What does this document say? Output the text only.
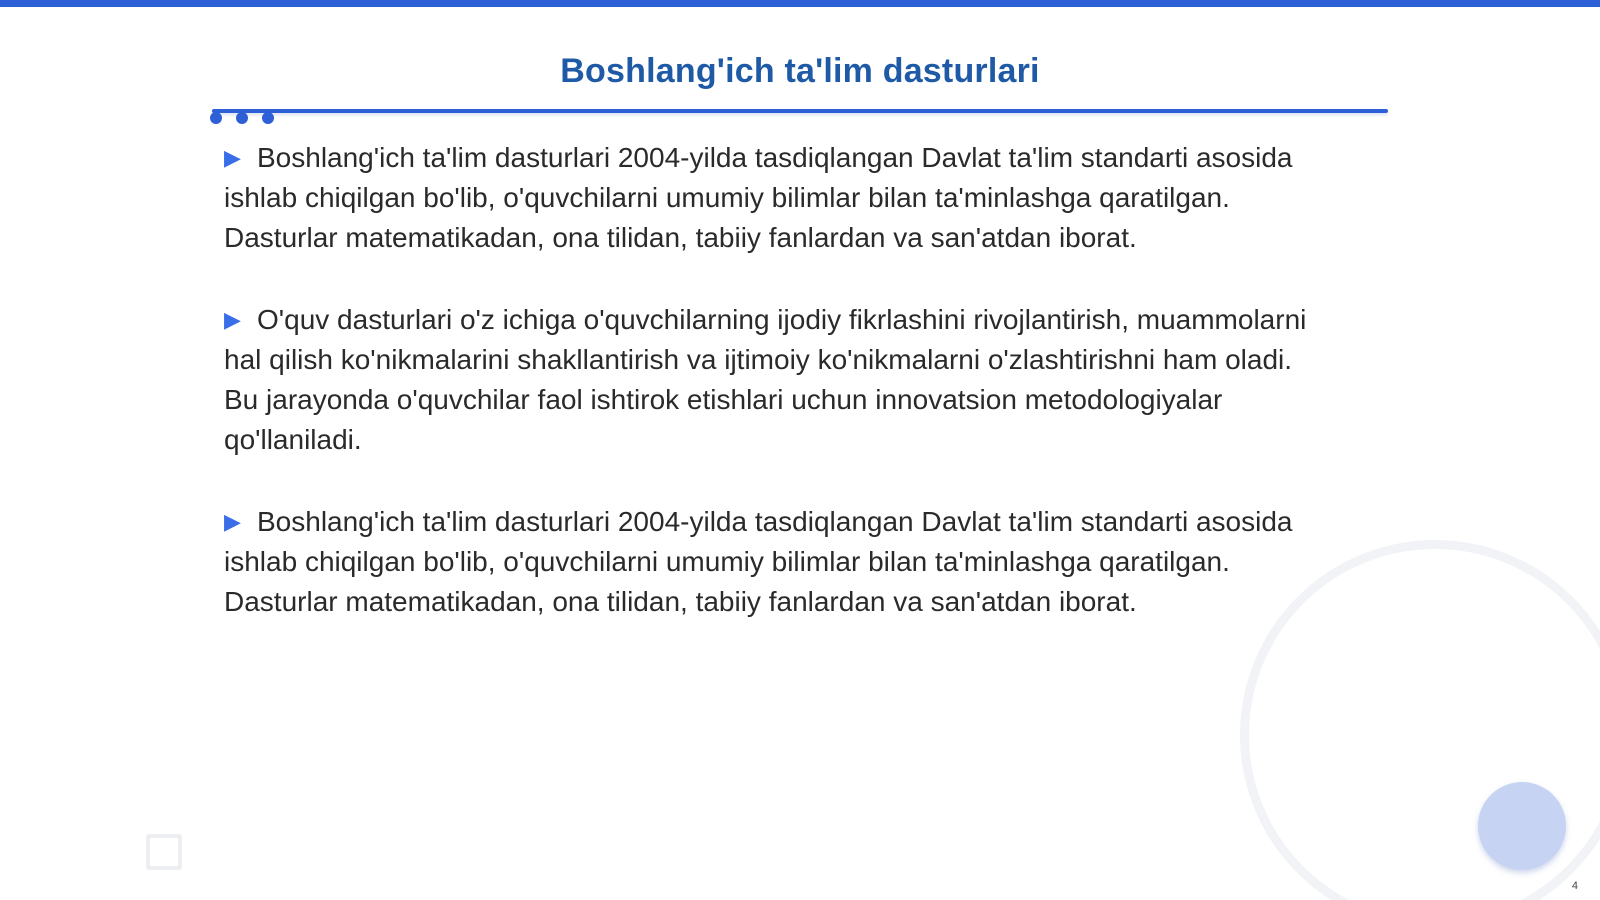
Boshlang'ich ta'lim dasturlari

▶ Boshlang'ich ta'lim dasturlari 2004-yilda tasdiqlangan Davlat ta'lim standarti asosida ishlab chiqilgan bo'lib, o'quvchilarni umumiy bilimlar bilan ta'minlashga qaratilgan. Dasturlar matematikadan, ona tilidan, tabiiy fanlardan va san'atdan iborat.

▶ O'quv dasturlari o'z ichiga o'quvchilarning ijodiy fikrlashini rivojlantirish, muammolarni hal qilish ko'nikmalarini shakllantirish va ijtimoiy ko'nikmalarni o'zlashtirishni ham oladi. Bu jarayonda o'quvchilar faol ishtirok etishlari uchun innovatsion metodologiyalar qo'llaniladi.

▶ Boshlang'ich ta'lim dasturlari 2004-yilda tasdiqlangan Davlat ta'lim standarti asosida ishlab chiqilgan bo'lib, o'quvchilarni umumiy bilimlar bilan ta'minlashga qaratilgan. Dasturlar matematikadan, ona tilidan, tabiiy fanlardan va san'atdan iborat.

4
